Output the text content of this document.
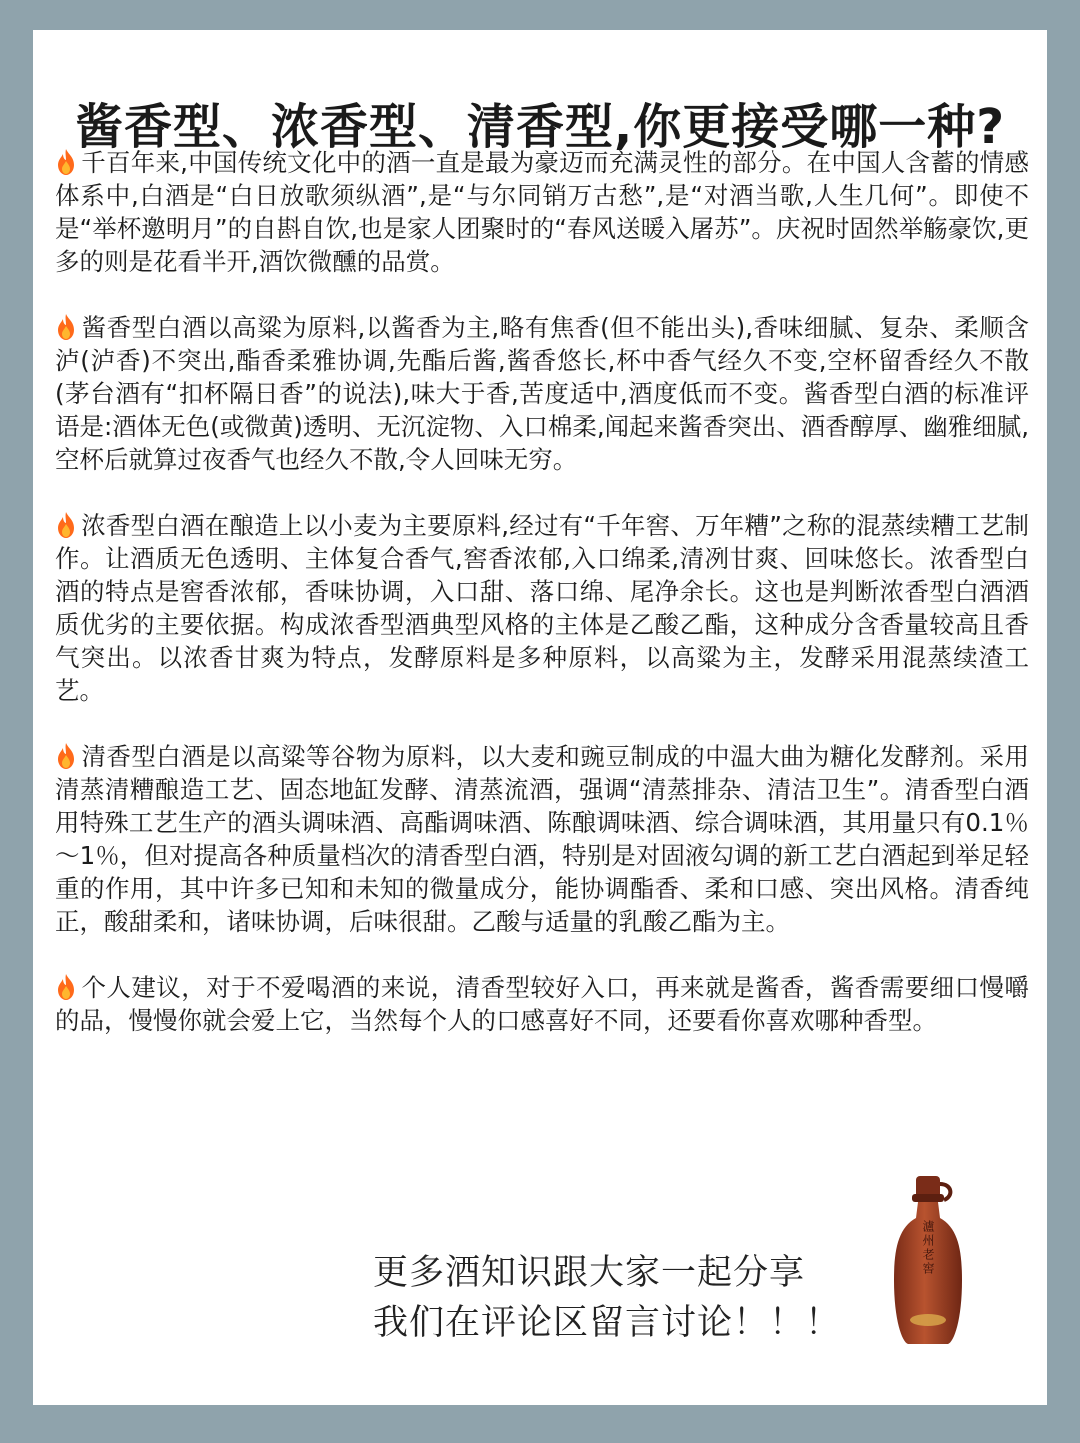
酱香型、浓香型、清香型,你更接受哪一种?

千百年来,中国传统文化中的酒一直是最为豪迈而充满灵性的部分。在中国人含蓄的情感体系中,白酒是“白日放歌须纵酒”,是“与尔同销万古愁”,是“对酒当歌,人生几何”。即使不是“举杯邀明月”的自斟自饮,也是家人团聚时的“春风送暖入屠苏”。庆祝时固然举觞豪饮,更多的则是花看半开,酒饮微醺的品赏。

酱香型白酒以高粱为原料,以酱香为主,略有焦香(但不能出头),香味细腻、复杂、柔顺含泸(泸香)不突出,酯香柔雅协调,先酯后酱,酱香悠长,杯中香气经久不变,空杯留香经久不散(茅台酒有“扣杯隔日香”的说法),味大于香,苦度适中,酒度低而不变。酱香型白酒的标准评语是:酒体无色(或微黄)透明、无沉淀物、入口棉柔,闻起来酱香突出、酒香醇厚、幽雅细腻,空杯后就算过夜香气也经久不散,令人回味无穷。

浓香型白酒在酿造上以小麦为主要原料,经过有“千年窖、万年糟”之称的混蒸续糟工艺制作。让酒质无色透明、主体复合香气,窖香浓郁,入口绵柔,清冽甘爽、回味悠长。浓香型白酒的特点是窖香浓郁，香味协调，入口甜、落口绵、尾净余长。这也是判断浓香型白酒酒质优劣的主要依据。构成浓香型酒典型风格的主体是乙酸乙酯，这种成分含香量较高且香气突出。以浓香甘爽为特点，发酵原料是多种原料，以高粱为主，发酵采用混蒸续渣工艺。

清香型白酒是以高粱等谷物为原料，以大麦和豌豆制成的中温大曲为糖化发酵剂。采用清蒸清糟酿造工艺、固态地缸发酵、清蒸流酒，强调“清蒸排杂、清洁卫生”。清香型白酒用特殊工艺生产的酒头调味酒、高酯调味酒、陈酿调味酒、综合调味酒，其用量只有0.1％～1％，但对提高各种质量档次的清香型白酒，特别是对固液勾调的新工艺白酒起到举足轻重的作用，其中许多已知和未知的微量成分，能协调酯香、柔和口感、突出风格。清香纯正，酸甜柔和，诸味协调，后味很甜。乙酸与适量的乳酸乙酯为主。

个人建议，对于不爱喝酒的来说，清香型较好入口，再来就是酱香，酱香需要细口慢嚼的品，慢慢你就会爱上它，当然每个人的口感喜好不同，还要看你喜欢哪种香型。

更多酒知识跟大家一起分享
我们在评论区留言讨论！！！
瀘州老窖
